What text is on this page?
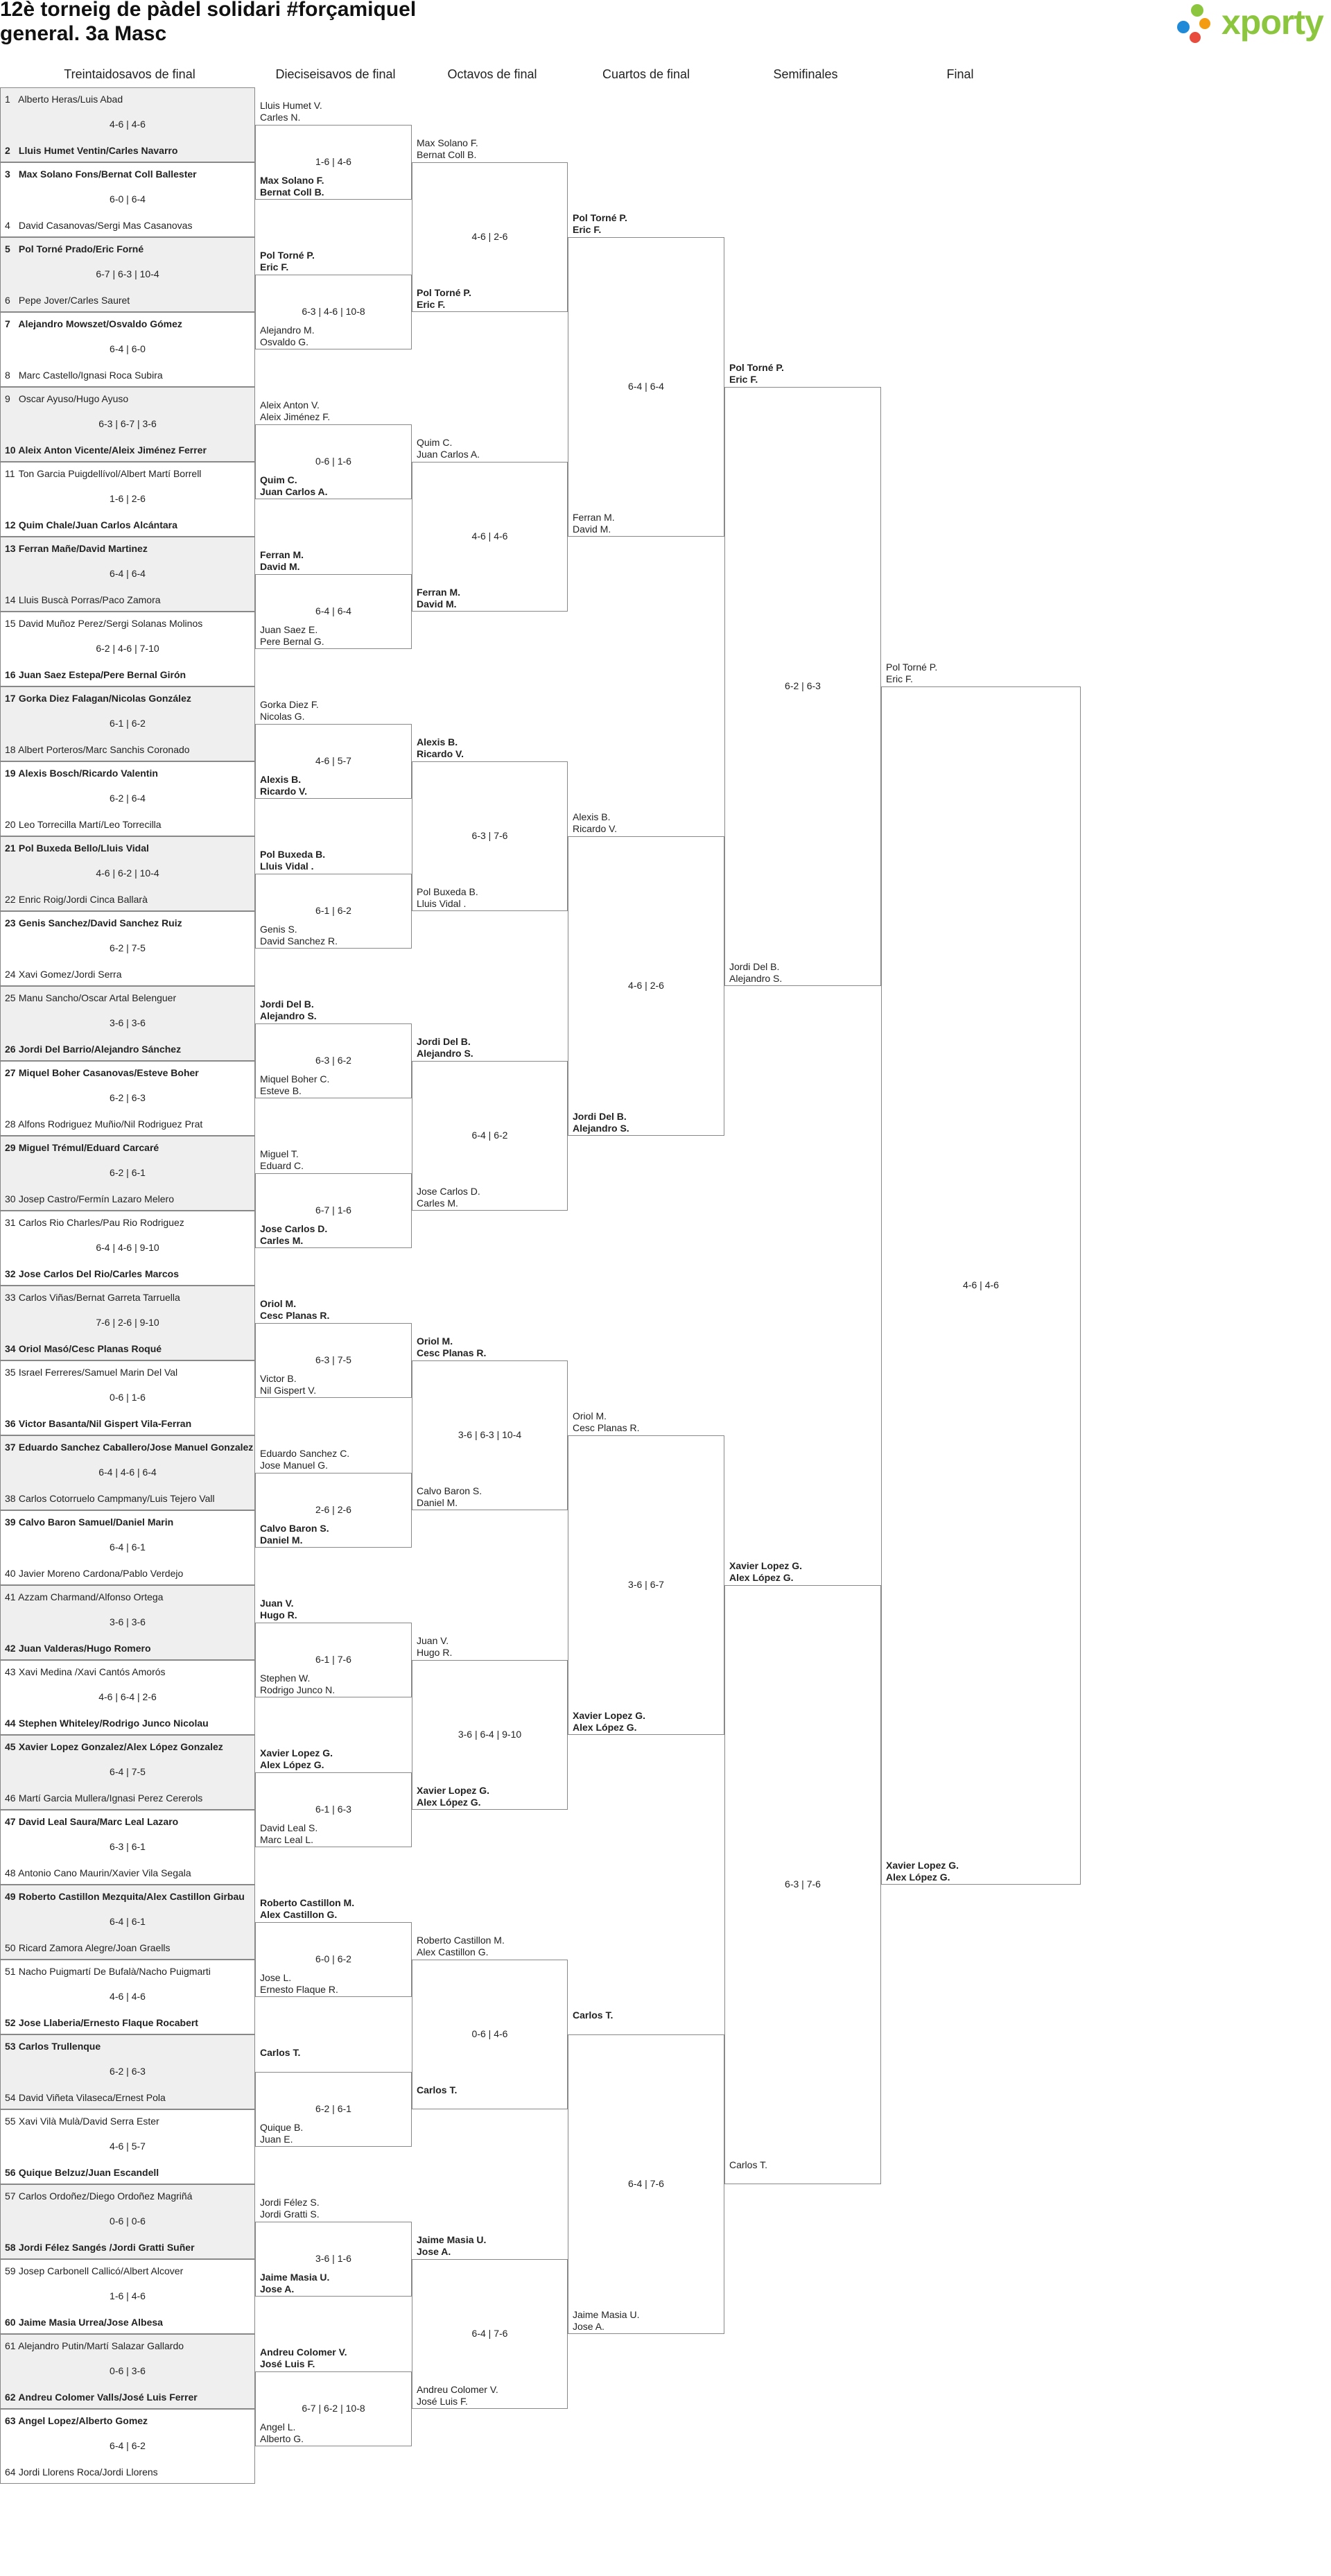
12è torneig de pàdel solidari #forçamiquel
general. 3a Masc	xporty
Treintaidosavos de final	Dieciseisavos de final	Octavos de final	Cuartos de final	Semifinales	Final
1 Alberto Heras/Luis Abad
4-6 | 4-6
2 Lluis Humet Ventin/Carles Navarro
3 Max Solano Fons/Bernat Coll Ballester
6-0 | 6-4
4 David Casanovas/Sergi Mas Casanovas
5 Pol Torné Prado/Eric Forné
6-7 | 6-3 | 10-4
6 Pepe Jover/Carles Sauret
7 Alejandro Mowszet/Osvaldo Gómez
6-4 | 6-0
8 Marc Castello/Ignasi Roca Subira
9 Oscar Ayuso/Hugo Ayuso
6-3 | 6-7 | 3-6
10 Aleix Anton Vicente/Aleix Jiménez Ferrer
11 Ton Garcia Puigdellívol/Albert Martí Borrell
1-6 | 2-6
12 Quim Chale/Juan Carlos Alcántara
13 Ferran Mañe/David Martinez
6-4 | 6-4
14 Lluis Buscà Porras/Paco Zamora
15 David Muñoz Perez/Sergi Solanas Molinos
6-2 | 4-6 | 7-10
16 Juan Saez Estepa/Pere Bernal Girón
17 Gorka Diez Falagan/Nicolas González
6-1 | 6-2
18 Albert Porteros/Marc Sanchis Coronado
19 Alexis Bosch/Ricardo Valentin
6-2 | 6-4
20 Leo Torrecilla Martí/Leo Torrecilla
21 Pol Buxeda Bello/Lluis Vidal
4-6 | 6-2 | 10-4
22 Enric Roig/Jordi Cinca Ballarà
23 Genis Sanchez/David Sanchez Ruiz
6-2 | 7-5
24 Xavi Gomez/Jordi Serra
25 Manu Sancho/Oscar Artal Belenguer
3-6 | 3-6
26 Jordi Del Barrio/Alejandro Sánchez
27 Miquel Boher Casanovas/Esteve Boher
6-2 | 6-3
28 Alfons Rodriguez Muñio/Nil Rodriguez Prat
29 Miguel Trémul/Eduard Carcaré
6-2 | 6-1
30 Josep Castro/Fermín Lazaro Melero
31 Carlos Rio Charles/Pau Rio Rodriguez
6-4 | 4-6 | 9-10
32 Jose Carlos Del Rio/Carles Marcos
33 Carlos Viñas/Bernat Garreta Tarruella
7-6 | 2-6 | 9-10
34 Oriol Masó/Cesc Planas Roqué
35 Israel Ferreres/Samuel Marin Del Val
0-6 | 1-6
36 Victor Basanta/Nil Gispert Vila-Ferran
37 Eduardo Sanchez Caballero/Jose Manuel Gonzalez
6-4 | 4-6 | 6-4
38 Carlos Cotorruelo Campmany/Luis Tejero Vall
39 Calvo Baron Samuel/Daniel Marin
6-4 | 6-1
40 Javier Moreno Cardona/Pablo Verdejo
41 Azzam Charmand/Alfonso Ortega
3-6 | 3-6
42 Juan Valderas/Hugo Romero
43 Xavi Medina /Xavi Cantós Amorós
4-6 | 6-4 | 2-6
44 Stephen Whiteley/Rodrigo Junco Nicolau
45 Xavier Lopez Gonzalez/Alex López Gonzalez
6-4 | 7-5
46 Martí Garcia Mullera/Ignasi Perez Cererols
47 David Leal Saura/Marc Leal Lazaro
6-3 | 6-1
48 Antonio Cano Maurin/Xavier Vila Segala
49 Roberto Castillon Mezquita/Alex Castillon Girbau
6-4 | 6-1
50 Ricard Zamora Alegre/Joan Graells
51 Nacho Puigmartí De Bufalà/Nacho Puigmarti
4-6 | 4-6
52 Jose Llaberia/Ernesto Flaque Rocabert
53 Carlos Trullenque
6-2 | 6-3
54 David Viñeta Vilaseca/Ernest Pola
55 Xavi Vilà Mulà/David Serra Ester
4-6 | 5-7
56 Quique Belzuz/Juan Escandell
57 Carlos Ordoñez/Diego Ordoñez Magriñá
0-6 | 0-6
58 Jordi Félez Sangés /Jordi Gratti Suñer
59 Josep Carbonell Callicó/Albert Alcover
1-6 | 4-6
60 Jaime Masia Urrea/Jose Albesa
61 Alejandro Putin/Martí Salazar Gallardo
0-6 | 3-6
62 Andreu Colomer Valls/José Luis Ferrer
63 Angel Lopez/Alberto Gomez
6-4 | 6-2
64 Jordi Llorens Roca/Jordi Llorens
Lluis Humet V.
Carles N.
Max Solano F.
Bernat Coll B.
1-6 | 4-6
Pol Torné P.
Eric F.
Alejandro M.
Osvaldo G.
6-3 | 4-6 | 10-8
Aleix Anton V.
Aleix Jiménez F.
Quim C.
Juan Carlos A.
0-6 | 1-6
Ferran M.
David M.
Juan Saez E.
Pere Bernal G.
6-4 | 6-4
Gorka Diez F.
Nicolas G.
Alexis B.
Ricardo V.
4-6 | 5-7
Pol Buxeda B.
Lluis Vidal .
Genis S.
David Sanchez R.
6-1 | 6-2
Jordi Del B.
Alejandro S.
Miquel Boher C.
Esteve B.
6-3 | 6-2
Miguel T.
Eduard C.
Jose Carlos D.
Carles M.
6-7 | 1-6
Oriol M.
Cesc Planas R.
Victor B.
Nil Gispert V.
6-3 | 7-5
Eduardo Sanchez C.
Jose Manuel G.
Calvo Baron S.
Daniel M.
2-6 | 2-6
Juan V.
Hugo R.
Stephen W.
Rodrigo Junco N.
6-1 | 7-6
Xavier Lopez G.
Alex López G.
David Leal S.
Marc Leal L.
6-1 | 6-3
Roberto Castillon M.
Alex Castillon G.
Jose L.
Ernesto Flaque R.
6-0 | 6-2
Carlos T.
Quique B.
Juan E.
6-2 | 6-1
Jordi Félez S.
Jordi Gratti S.
Jaime Masia U.
Jose A.
3-6 | 1-6
Andreu Colomer V.
José Luis F.
Angel L.
Alberto G.
6-7 | 6-2 | 10-8
Max Solano F.
Bernat Coll B.
Pol Torné P.
Eric F.
4-6 | 2-6
Quim C.
Juan Carlos A.
Ferran M.
David M.
4-6 | 4-6
Alexis B.
Ricardo V.
Pol Buxeda B.
Lluis Vidal .
6-3 | 7-6
Jordi Del B.
Alejandro S.
Jose Carlos D.
Carles M.
6-4 | 6-2
Oriol M.
Cesc Planas R.
Calvo Baron S.
Daniel M.
3-6 | 6-3 | 10-4
Juan V.
Hugo R.
Xavier Lopez G.
Alex López G.
3-6 | 6-4 | 9-10
Roberto Castillon M.
Alex Castillon G.
Carlos T.
0-6 | 4-6
Jaime Masia U.
Jose A.
Andreu Colomer V.
José Luis F.
6-4 | 7-6
Pol Torné P.
Eric F.
Ferran M.
David M.
6-4 | 6-4
Alexis B.
Ricardo V.
Jordi Del B.
Alejandro S.
4-6 | 2-6
Oriol M.
Cesc Planas R.
Xavier Lopez G.
Alex López G.
3-6 | 6-7
Carlos T.
Jaime Masia U.
Jose A.
6-4 | 7-6
Pol Torné P.
Eric F.
Jordi Del B.
Alejandro S.
6-2 | 6-3
Xavier Lopez G.
Alex López G.
Carlos T.
6-3 | 7-6
Pol Torné P.
Eric F.
Xavier Lopez G.
Alex López G.
4-6 | 4-6
